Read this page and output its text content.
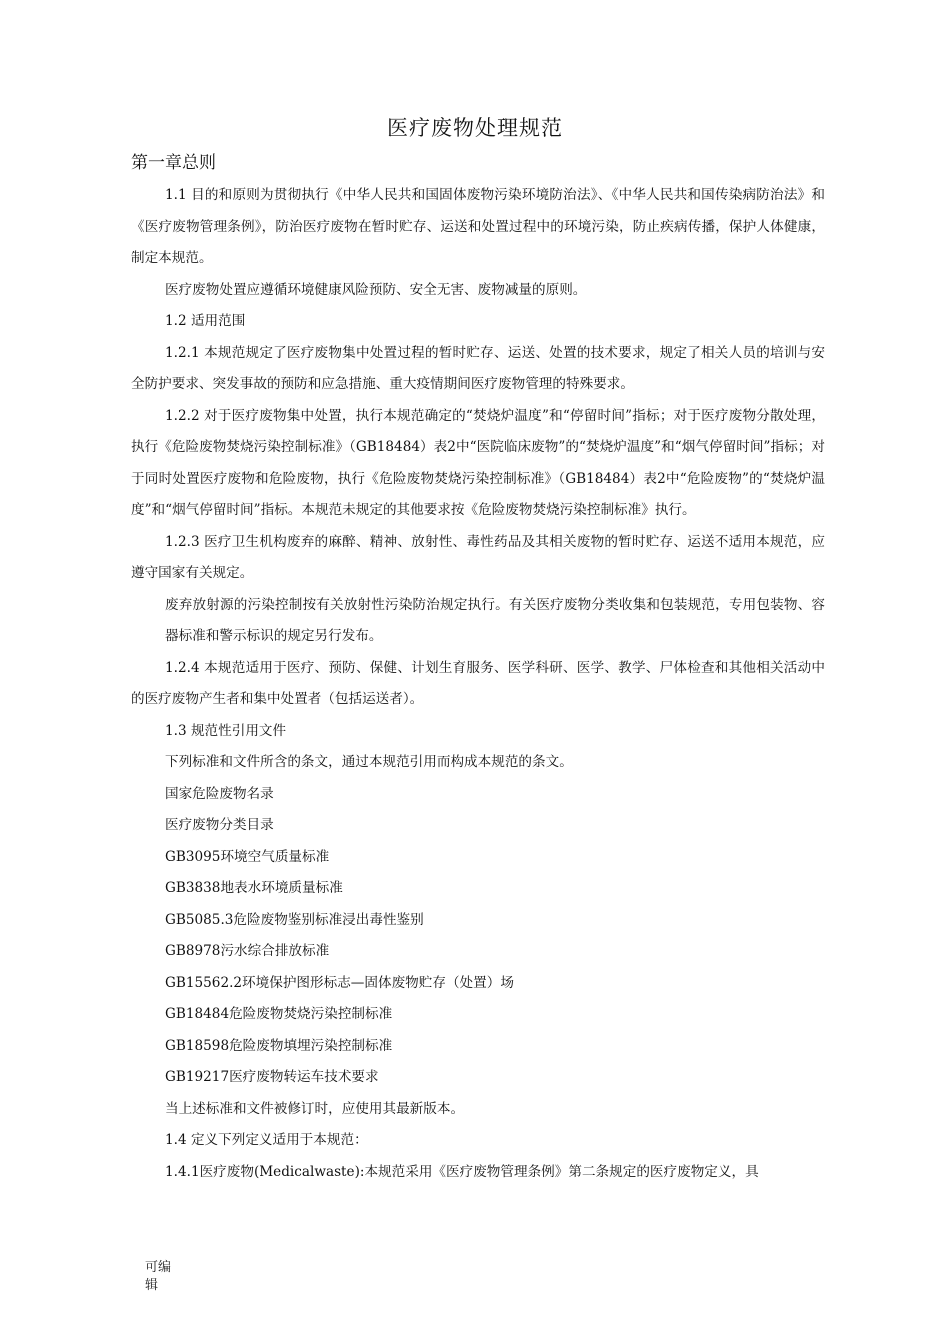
医疗废物处理规范
第一章总则

1.1 目的和原则为贯彻执行《中华人民共和国固体废物污染环境防治法》、《中华人民共和国传染病防治法》和《医疗废物管理条例》，防治医疗废物在暂时贮存、运送和处置过程中的环境污染，防止疾病传播，保护人体健康，制定本规范。

医疗废物处置应遵循环境健康风险预防、安全无害、废物减量的原则。

1.2 适用范围

1.2.1 本规范规定了医疗废物集中处置过程的暂时贮存、运送、处置的技术要求，规定了相关人员的培训与安全防护要求、突发事故的预防和应急措施、重大疫情期间医疗废物管理的特殊要求。

1.2.2 对于医疗废物集中处置，执行本规范确定的“焚烧炉温度”和“停留时间”指标；对于医疗废物分散处理，执行《危险废物焚烧污染控制标准》（GB18484）表2中“医院临床废物”的“焚烧炉温度”和“烟气停留时间”指标；对于同时处置医疗废物和危险废物，执行《危险废物焚烧污染控制标准》（GB18484）表2中“危险废物”的“焚烧炉温度”和“烟气停留时间”指标。本规范未规定的其他要求按《危险废物焚烧污染控制标准》执行。

1.2.3 医疗卫生机构废弃的麻醉、精神、放射性、毒性药品及其相关废物的暂时贮存、运送不适用本规范，应遵守国家有关规定。

废弃放射源的污染控制按有关放射性污染防治规定执行。有关医疗废物分类收集和包装规范，专用包装物、容器标准和警示标识的规定另行发布。

1.2.4 本规范适用于医疗、预防、保健、计划生育服务、医学科研、医学、教学、尸体检查和其他相关活动中的医疗废物产生者和集中处置者（包括运送者）。

1.3 规范性引用文件

下列标准和文件所含的条文，通过本规范引用而构成本规范的条文。

国家危险废物名录

医疗废物分类目录

GB3095环境空气质量标准

GB3838地表水环境质量标准

GB5085.3危险废物鉴别标准浸出毒性鉴别

GB8978污水综合排放标准

GB15562.2环境保护图形标志—固体废物贮存（处置）场

GB18484危险废物焚烧污染控制标准

GB18598危险废物填埋污染控制标准

GB19217医疗废物转运车技术要求

当上述标准和文件被修订时，应使用其最新版本。

1.4 定义下列定义适用于本规范：

1.4.1医疗废物(Medicalwaste):本规范采用《医疗废物管理条例》第二条规定的医疗废物定义，具

可编
辑
